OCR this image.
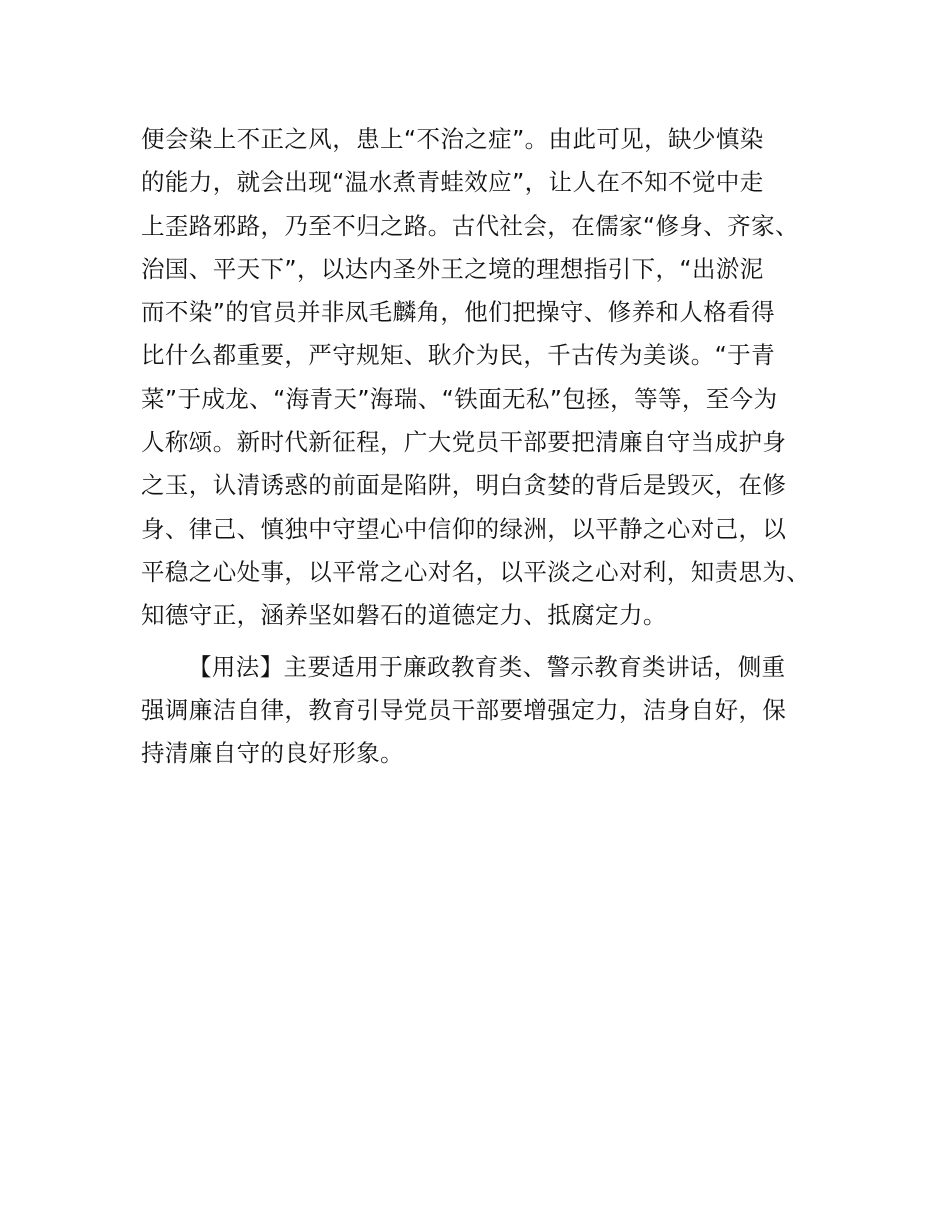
便会染上不正之风，患上“不治之症”。由此可见，缺少慎染
的能力，就会出现“温水煮青蛙效应”，让人在不知不觉中走
上歪路邪路，乃至不归之路。古代社会，在儒家“修身、齐家、
治国、平天下”，以达内圣外王之境的理想指引下，“出淤泥
而不染”的官员并非凤毛麟角，他们把操守、修养和人格看得
比什么都重要，严守规矩、耿介为民，千古传为美谈。“于青
菜”于成龙、“海青天”海瑞、“铁面无私”包拯，等等，至今为
人称颂。新时代新征程，广大党员干部要把清廉自守当成护身
之玉，认清诱惑的前面是陷阱，明白贪婪的背后是毁灭，在修
身、律己、慎独中守望心中信仰的绿洲，以平静之心对己，以
平稳之心处事，以平常之心对名，以平淡之心对利，知责思为、
知德守正，涵养坚如磐石的道德定力、抵腐定力。
【用法】主要适用于廉政教育类、警示教育类讲话，侧重
强调廉洁自律，教育引导党员干部要增强定力，洁身自好，保
持清廉自守的良好形象。
